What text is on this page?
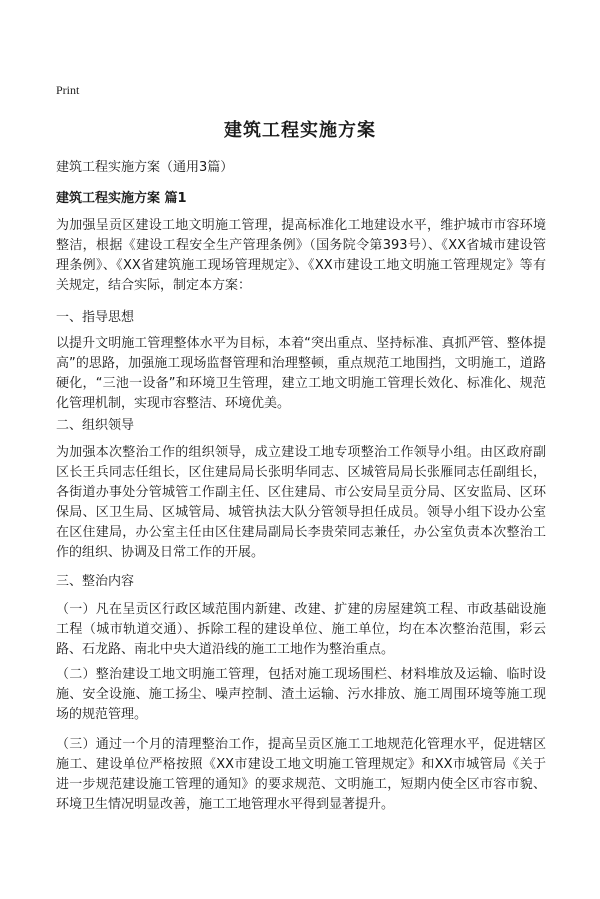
Print
建筑工程实施方案
建筑工程实施方案（通用3篇）
建筑工程实施方案 篇1
为加强呈贡区建设工地文明施工管理，提高标准化工地建设水平，维护城市市容环境整洁，根据《建设工程安全生产管理条例》（国务院令第393号）、《XX省城市建设管理条例》、《XX省建筑施工现场管理规定》、《XX市建设工地文明施工管理规定》等有关规定，结合实际，制定本方案：
一、指导思想
以提升文明施工管理整体水平为目标，本着“突出重点、坚持标准、真抓严管、整体提高”的思路，加强施工现场监督管理和治理整顿，重点规范工地围挡，文明施工，道路硬化，“三池一设备”和环境卫生管理，建立工地文明施工管理长效化、标准化、规范化管理机制，实现市容整洁、环境优美。
二、组织领导
为加强本次整治工作的组织领导，成立建设工地专项整治工作领导小组。由区政府副区长王兵同志任组长，区住建局局长张明华同志、区城管局局长张雁同志任副组长，各街道办事处分管城管工作副主任、区住建局、市公安局呈贡分局、区安监局、区环保局、区卫生局、区城管局、城管执法大队分管领导担任成员。领导小组下设办公室在区住建局，办公室主任由区住建局副局长李贵荣同志兼任，办公室负责本次整治工作的组织、协调及日常工作的开展。
三、整治内容
（一）凡在呈贡区行政区域范围内新建、改建、扩建的房屋建筑工程、市政基础设施工程（城市轨道交通）、拆除工程的建设单位、施工单位，均在本次整治范围，彩云路、石龙路、南北中央大道沿线的施工工地作为整治重点。
（二）整治建设工地文明施工管理，包括对施工现场围栏、材料堆放及运输、临时设施、安全设施、施工扬尘、噪声控制、渣土运输、污水排放、施工周围环境等施工现场的规范管理。
（三）通过一个月的清理整治工作，提高呈贡区施工工地规范化管理水平，促进辖区施工、建设单位严格按照《XX市建设工地文明施工管理规定》和XX市城管局《关于进一步规范建设施工管理的通知》的要求规范、文明施工，短期内使全区市容市貌、环境卫生情况明显改善，施工工地管理水平得到显著提升。
